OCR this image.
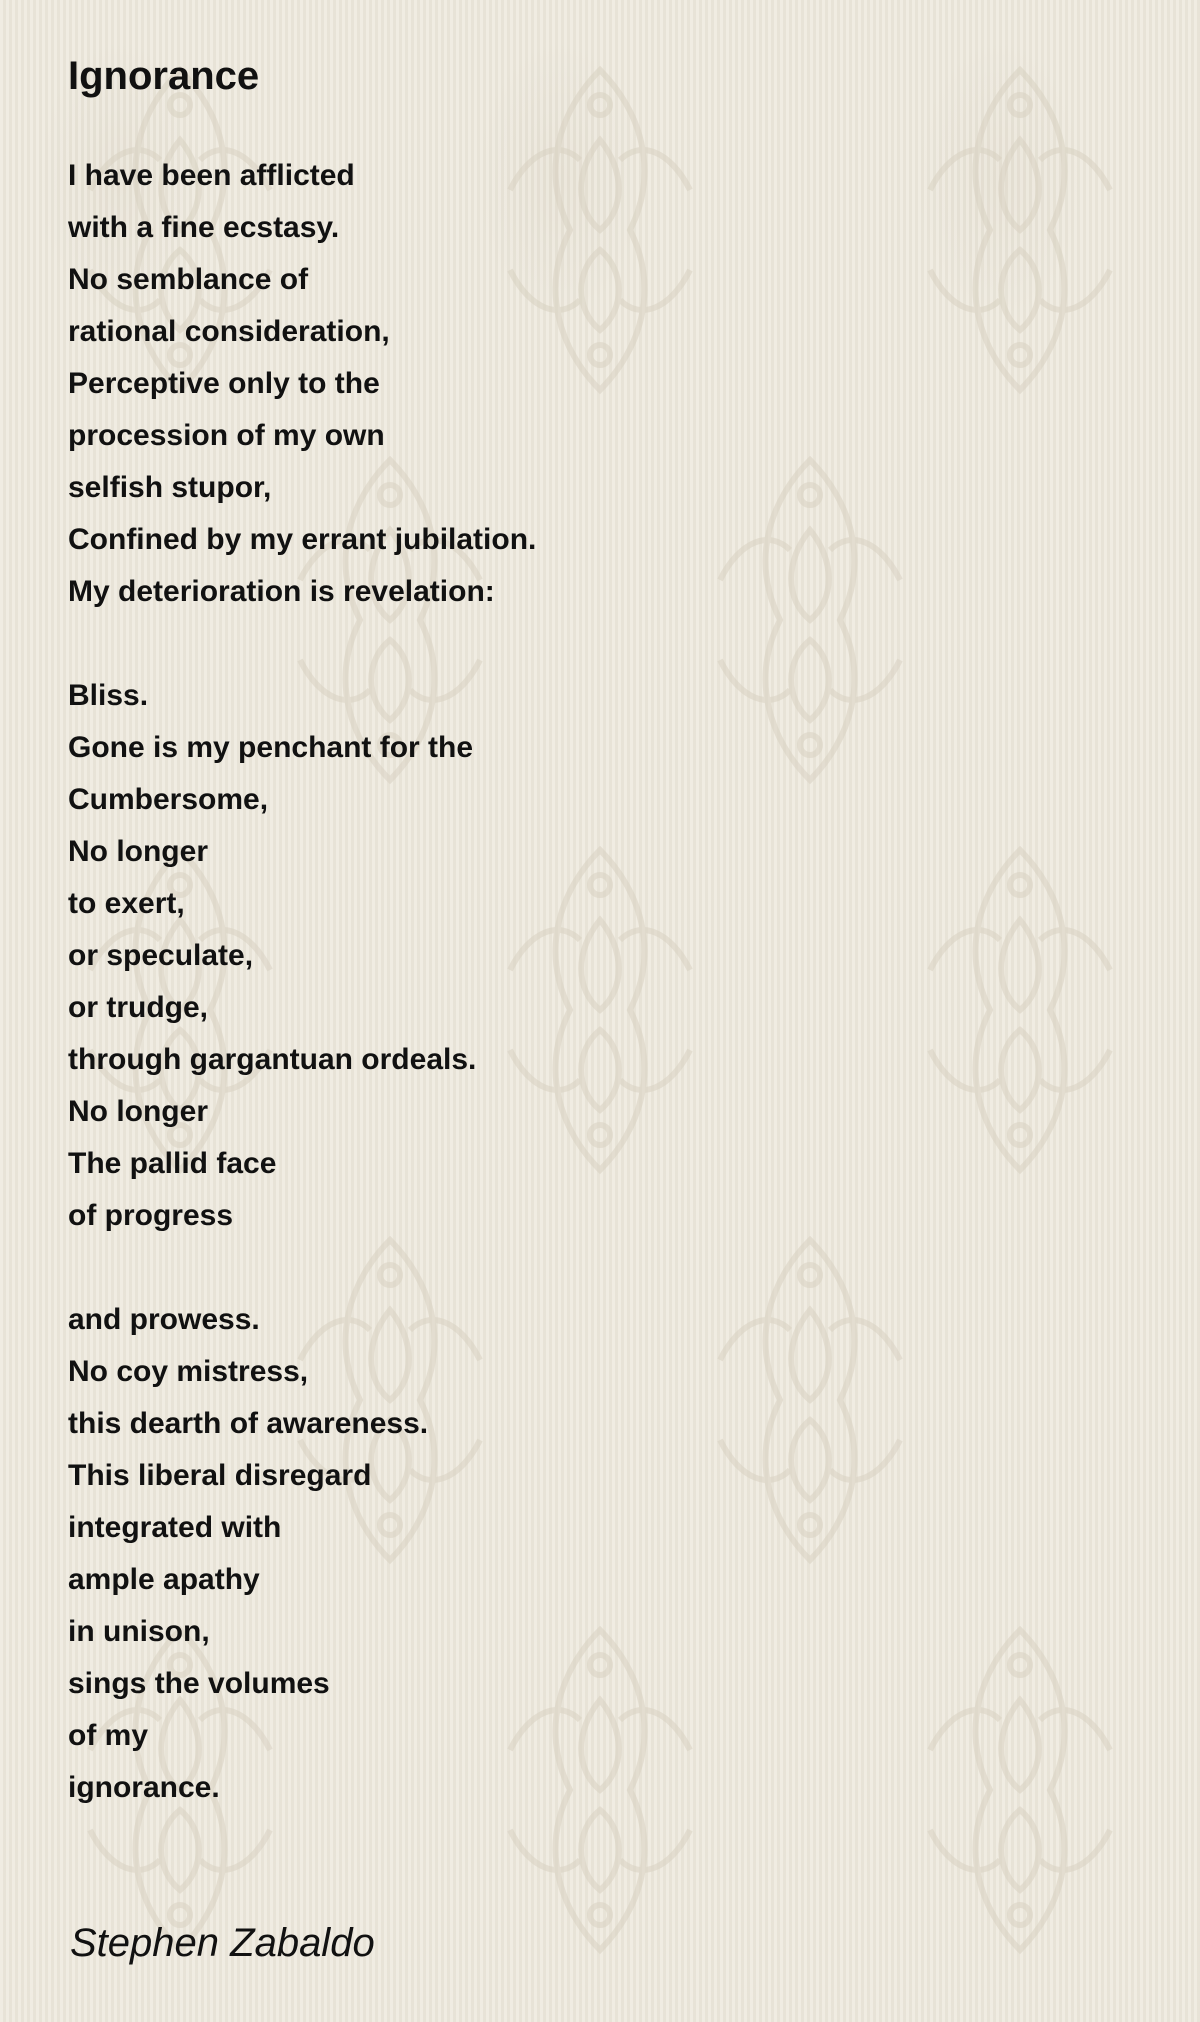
Ignorance
I have been afflicted
with a fine ecstasy.
No semblance of
rational consideration,
Perceptive only to the
procession of my own
selfish stupor,
Confined by my errant jubilation.
My deterioration is revelation:
Bliss.
Gone is my penchant for the
Cumbersome,
No longer
to exert,
or speculate,
or trudge,
through gargantuan ordeals.
No longer
The pallid face
of progress
and prowess.
No coy mistress,
this dearth of awareness.
This liberal disregard
integrated with
ample apathy
in unison,
sings the volumes
of my
ignorance.
Stephen Zabaldo
